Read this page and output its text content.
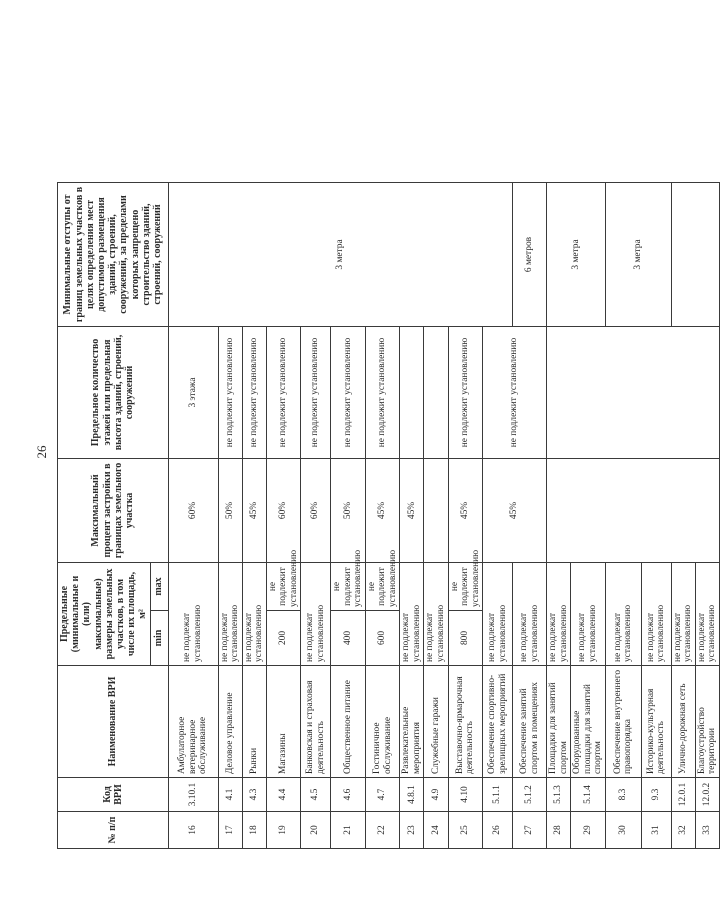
26
№ п/п	Код ВРИ	Наименование ВРИ	Предельные (минимальные и (или) максимальные) размеры земельных участков, в том числе их площадь, м²		Максимальный процент застройки в границах земельного участка	Предельное количество этажей или предельная высота зданий, строений, сооружений	Минимальные отступы от границ земельных участков в целях определения мест допустимого размещения зданий, строений, сооружений, за пределами которых запрещено строительство зданий, строений, сооружений
			min	max			
16	3.10.1	Амбулаторное ветеринарное обслуживание	не подлежат установлению		60%	3 этажа	3 метра
17	4.1	Деловое управление	не подлежат установлению		50%	не подлежит установлению	
18	4.3	Рынки	не подлежат установлению		45%	не подлежит установлению	
19	4.4	Магазины	200	не подлежит установлению	60%	не подлежит установлению	
20	4.5	Банковская и страховая деятельность	не подлежат установлению		60%	не подлежит установлению	
21	4.6	Общественное питание	400	не подлежит установлению	50%	не подлежит установлению	
22	4.7	Гостиничное обслуживание	600	не подлежит установлению	45%	не подлежит установлению	
23	4.8.1	Развлекательные мероприятия	не подлежат установлению		45%		
24	4.9	Служебные гаражи	не подлежат установлению				
25	4.10	Выставочно-ярмарочная деятельность	800	не подлежит установлению	45%	не подлежит установлению	
26	5.1.1	Обеспечение спортивно-зрелищных мероприятий	не подлежат установлению		45%	не подлежит установлению	
27	5.1.2	Обеспечение занятий спортом в помещениях	не подлежат установлению				6 метров
28	5.1.3	Площадки для занятий спортом	не подлежат установлению				3 метра
29	5.1.4	Оборудованные площадки для занятий спортом	не подлежат установлению				
30	8.3	Обеспечение внутреннего правопорядка	не подлежат установлению				3 метра
31	9.3	Историко-культурная деятельность	не подлежат установлению				
32	12.0.1	Улично-дорожная сеть	не подлежат установлению				
33	12.0.2	Благоустройство территории	не подлежат установлению				
